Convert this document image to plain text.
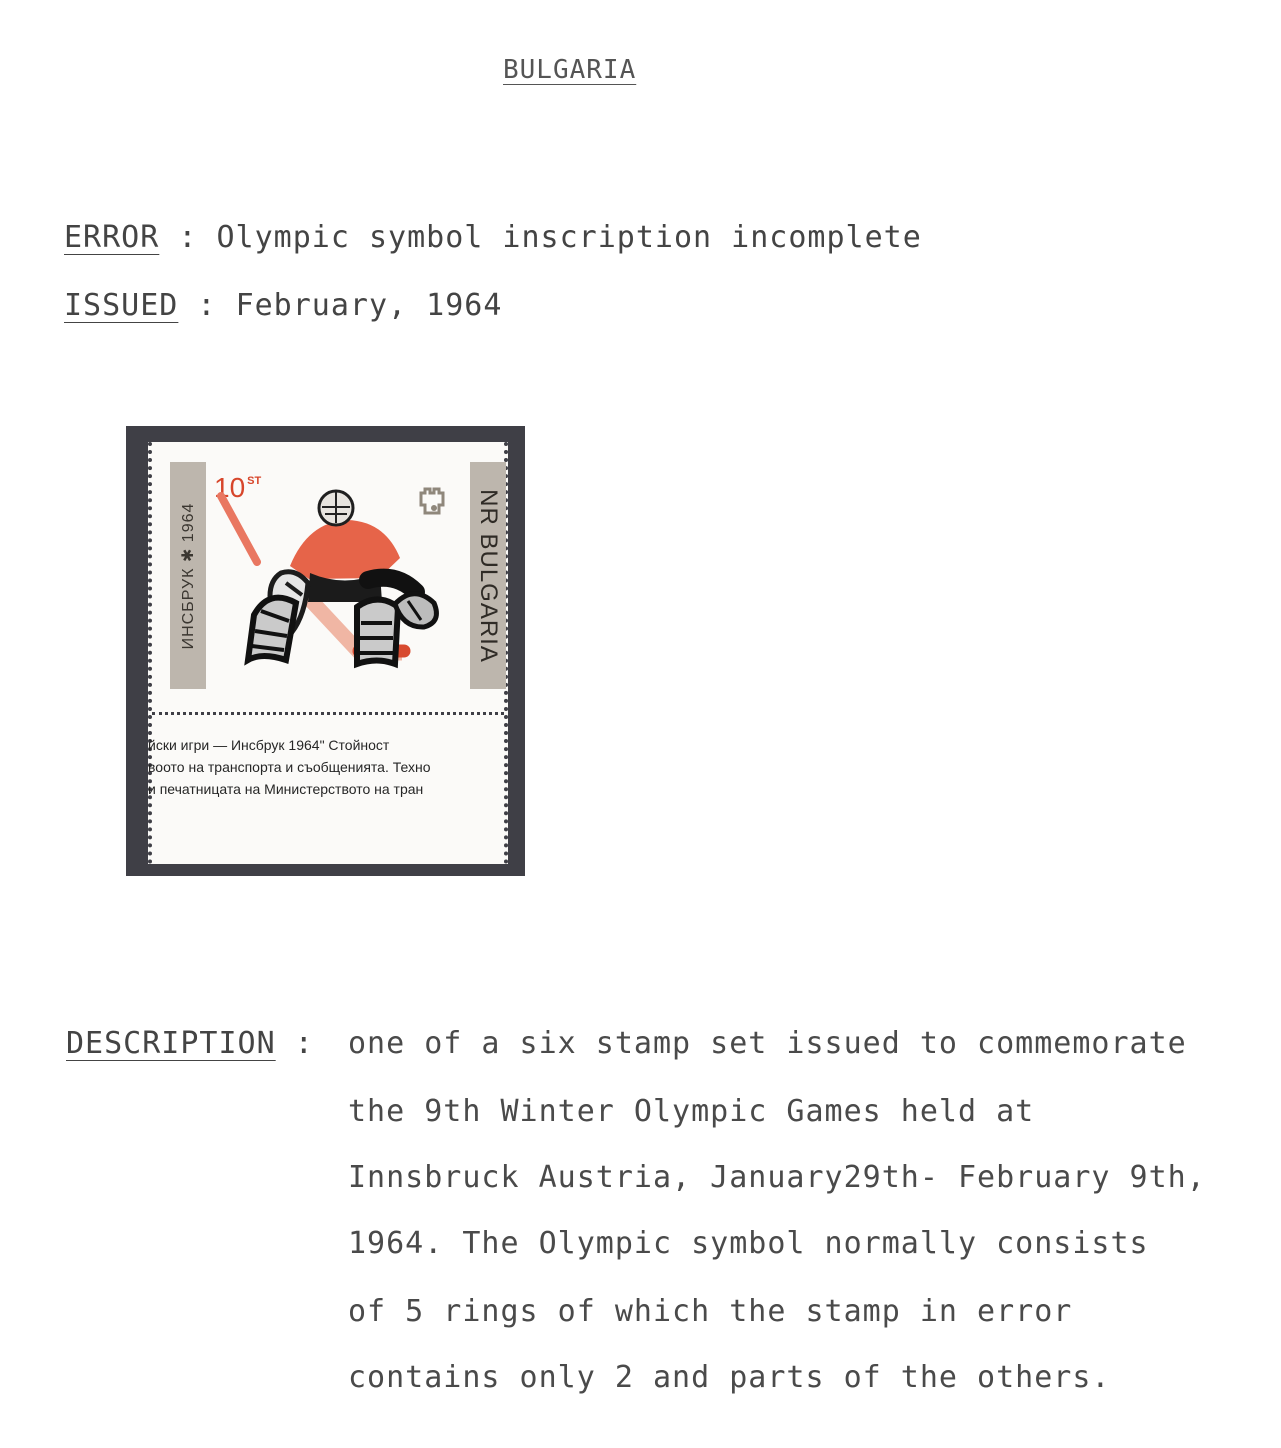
BULGARIA
ERROR : Olympic symbol inscription incomplete
ISSUED : February, 1964
ИНСБРУК ✱ 1964	NR BULGARIA
10ST
йски игри — Инсбрук 1964" Стойност
воото на транспорта и съобщенията. Техно
и печатницата на Министерството на тран
DESCRIPTION : one of a six stamp set issued to commemorate
the 9th Winter Olympic Games held at
Innsbruck Austria, January29th- February 9th,
1964. The Olympic symbol normally consists
of 5 rings of which the stamp in error
contains only 2 and parts of the others.
